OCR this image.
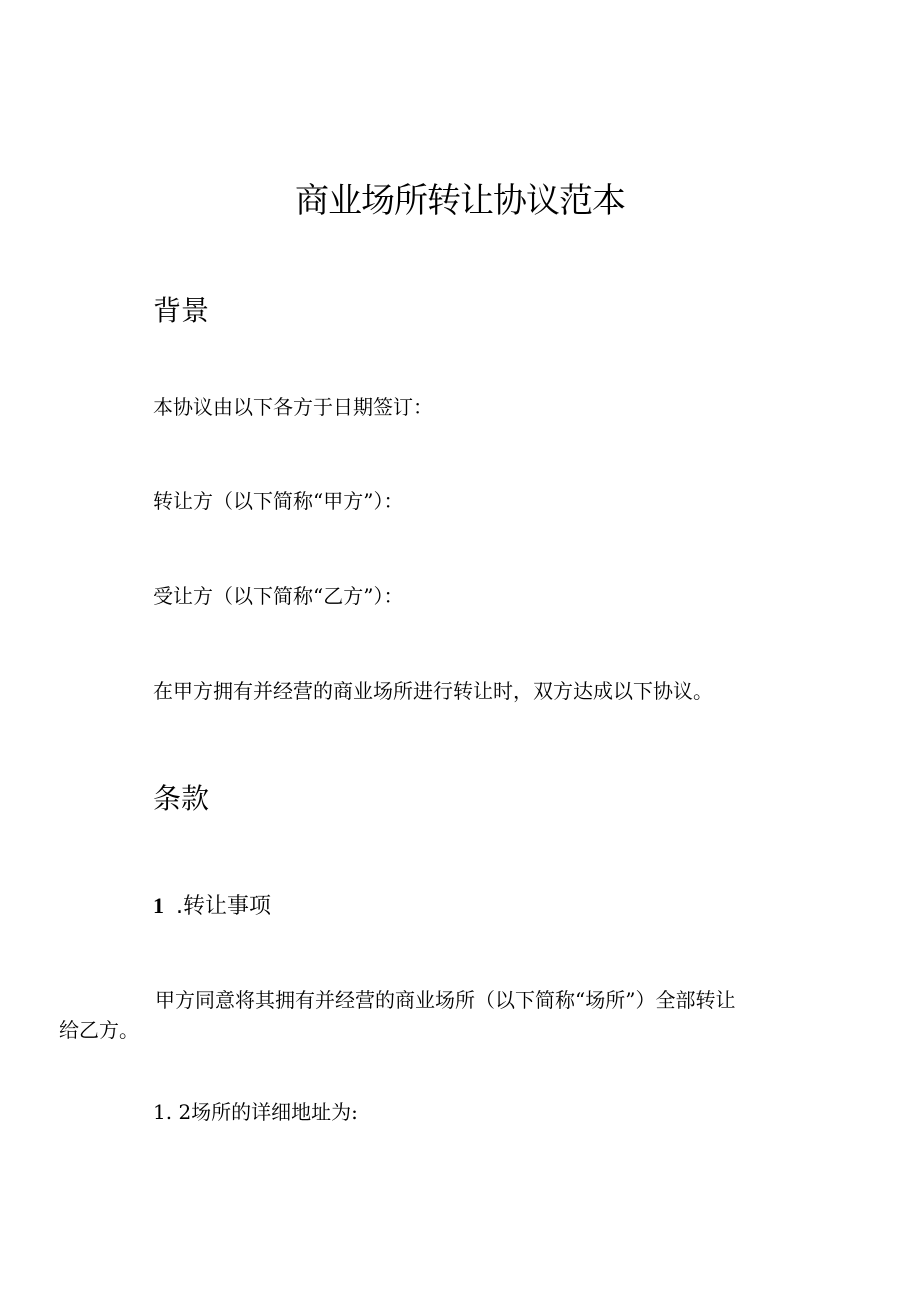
商业场所转让协议范本
背景

本协议由以下各方于日期签订：

转让方（以下简称“甲方”）：

受让方（以下简称“乙方”）：

在甲方拥有并经营的商业场所进行转让时，双方达成以下协议。

条款
1 .转让事项

甲方同意将其拥有并经营的商业场所（以下简称“场所”）全部转让
给乙方。

1. 2场所的详细地址为:
